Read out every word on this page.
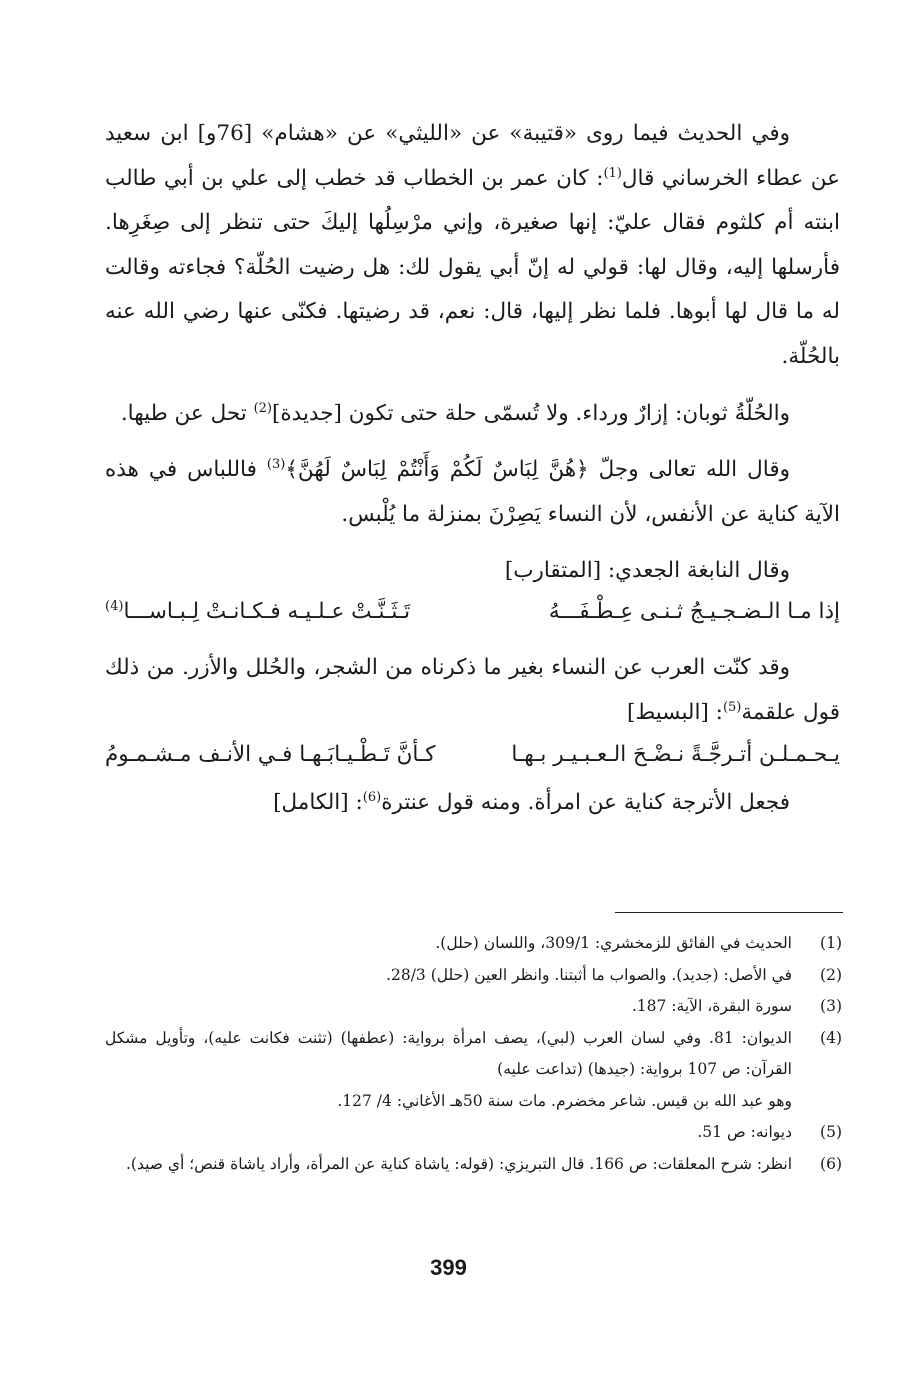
وفي الحديث فيما روى «قتيبة» عن «الليثي» عن «هشام» [76و] ابن سعيد عن عطاء الخرساني قال$^{(1)}$: كان عمر بن الخطاب قد خطب إلى علي بن أبي طالب ابنته أم كلثوم فقال عليّ: إنها صغيرة، وإني مرْسِلُها إليكَ حتى تنظر إلى صِغَرِها. فأرسلها إليه، وقال لها: قولي له إنّ أبي يقول لك: هل رضيت الحُلّة؟ فجاءته وقالت له ما قال لها أبوها. فلما نظر إليها، قال: نعم، قد رضيتها. فكنّى عنها رضي الله عنه بالحُلّة.

والحُلّةُ ثوبان: إزارٌ ورداء. ولا تُسمّى حلة حتى تكون [جديدة]$^{(2)}$ تحل عن طيها.

وقال الله تعالى وجلّ ﴿هُنَّ لِبَاسٌ لَكُمْ وَأَنْتُمْ لِبَاسٌ لَهُنَّ﴾$^{(3)}$ فاللباس في هذه الآية كناية عن الأنفس، لأن النساء يَصِرْنَ بمنزلة ما يُلْبس.

وقال النابغة الجعدي: [المتقارب]

إذا مـا الـضـجـيـجُ ثـنـى عِـطْـفَـــهُ
تَـثَـنَّـتْ عـلـيـه فـكـانـتْ لِـبـاســـا$^{(4)}$

وقد كنّت العرب عن النساء بغير ما ذكرناه من الشجر، والحُلل والأزر. من ذلك قول علقمة$^{(5)}$: [البسيط]

يـحـمـلـن أتـرجَّـةً نـضْـحَ الـعـبـيـر بـهـا
كـأنَّ تَـطْـيـابَـهـا فـي الأنـف مـشـمـومُ

فجعل الأترجة كناية عن امرأة. ومنه قول عنترة$^{(6)}$: [الكامل]

(1)
الحديث في الفائق للزمخشري: 309/1، واللسان (حلل).
(2)
في الأصل: (جديد). والصواب ما أثبتنا. وانظر العين (حلل) 28/3.
(3)
سورة البقرة، الآية: 187.
(4)
الديوان: 81. وفي لسان العرب (لبي)، يصف امرأة برواية: (عطفها) (تثنت فكانت عليه)، وتأويل مشكل القرآن: ص 107 برواية: (جيدها) (تداعت عليه)
وهو عبد الله بن قيس. شاعر مخضرم. مات سنة 50هـ الأغاني: 4/ 127.
(5)
ديوانه: ص 51.
(6)
انظر: شرح المعلقات: ص 166. قال التبريزي: (قوله: ياشاة كناية عن المرأة، وأراد ياشاة قنص؛ أي صيد).
399
